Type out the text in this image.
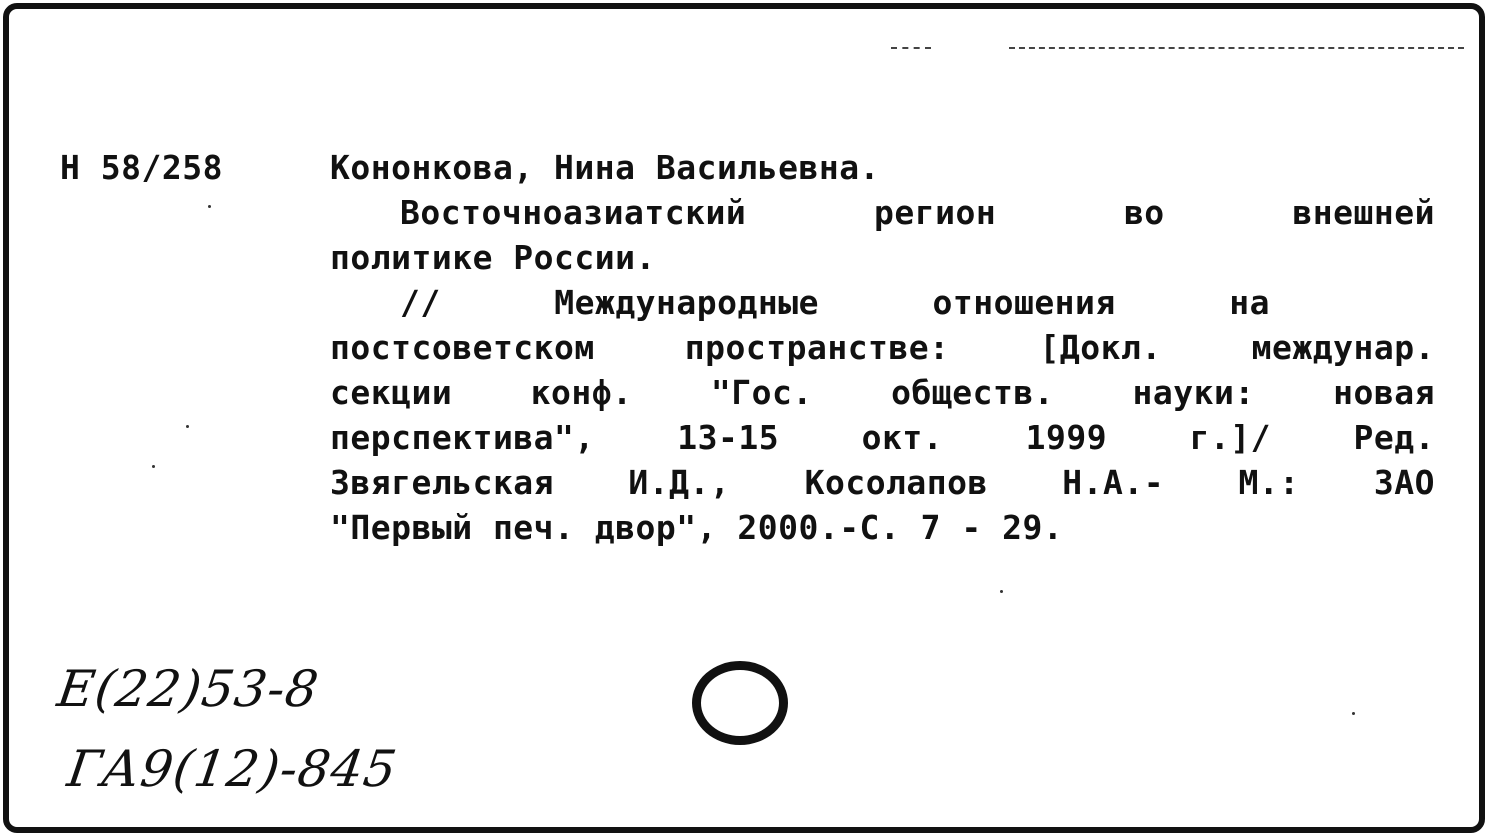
Н 58/258	Кононкова, Нина Васильевна.
Восточноазиатский  регион  во  внешней
политике России.
//  Международные  отношения  на
постсоветском пространстве: [Докл. междунар.
секции конф. "Гос. обществ. науки: новая
перспектива", 13-15 окт. 1999 г.]/ Ред.
Звягельская И.Д., Косолапов Н.А.- М.: ЗАО
"Первый печ. двор", 2000.-С. 7 - 29.
E(22)53-8
ГА9(12)-845
